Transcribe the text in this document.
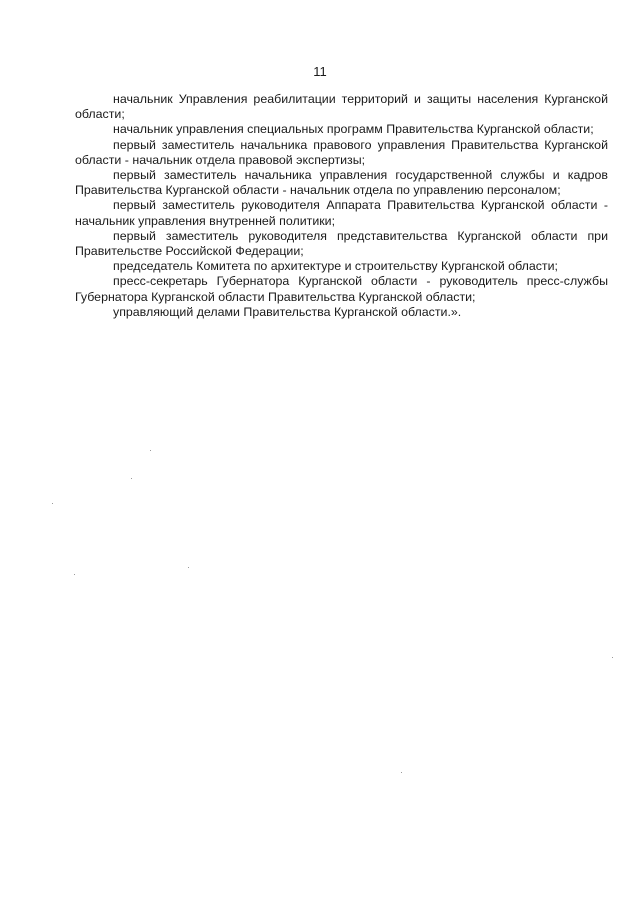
11

начальник Управления реабилитации территорий и защиты населения Курганской области;

начальник управления специальных программ Правительства Курганской области;

первый заместитель начальника правового управления Правительства Курганской области - начальник отдела правовой экспертизы;

первый заместитель начальника управления государственной службы и кадров Правительства Курганской области - начальник отдела по управлению персоналом;

первый заместитель руководителя Аппарата Правительства Курганской области - начальник управления внутренней политики;

первый заместитель руководителя представительства Курганской области при Правительстве Российской Федерации;

председатель Комитета по архитектуре и строительству Курганской области;

пресс-секретарь Губернатора Курганской области - руководитель пресс-службы Губернатора Курганской области Правительства Курганской области;

управляющий делами Правительства Курганской области.».
